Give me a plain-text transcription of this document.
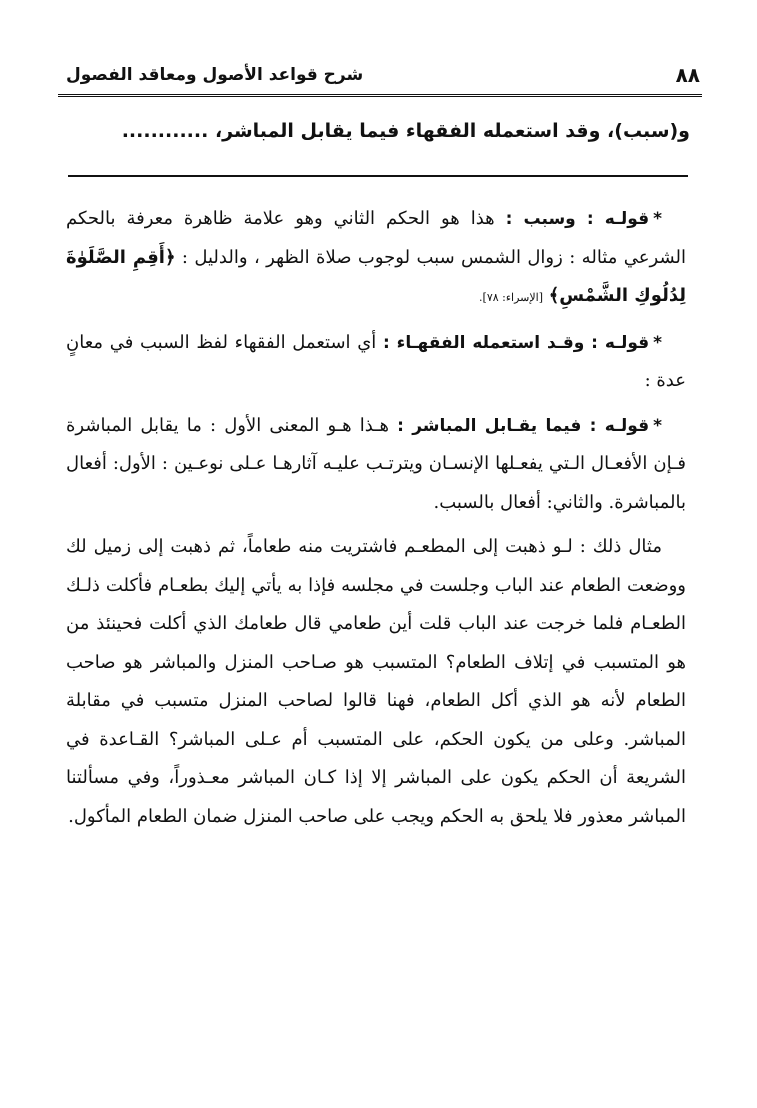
٨٨
شرح قواعد الأصول ومعاقد الفصول
و(سبب)، وقد استعمله الفقهاء فيما يقابل المباشر، ............

*قولـه : وسبب : هذا هو الحكم الثاني وهو علامة ظاهرة معرفة بالحكم الشرعي مثاله : زوال الشمس سبب لوجوب صلاة الظهر ، والدليل : ﴿أَقِمِ الصَّلَوٰةَ لِدُلُوكِ الشَّمْسِ﴾ [الإسراء: ٧٨].

*قولـه : وقـد استعمله الفقهـاء : أي استعمل الفقهاء لفظ السبب في معانٍ عدة :

*قولـه : فيما يقـابل المباشر : هـذا هـو المعنى الأول : ما يقابل المباشرة فـإن الأفعـال الـتي يفعـلها الإنسـان ويترتـب عليـه آثارهـا عـلى نوعـين : الأول: أفعال بالمباشرة. والثاني: أفعال بالسبب.

مثال ذلك : لـو ذهبت إلى المطعـم فاشتريت منه طعاماً، ثم ذهبت إلى زميل لك ووضعت الطعام عند الباب وجلست في مجلسه فإذا به يأتي إليك بطعـام فأكلت ذلـك الطعـام فلما خرجت عند الباب قلت أين طعامي قال طعامك الذي أكلت فحينئذ من هو المتسبب في إتلاف الطعام؟ المتسبب هو صـاحب المنزل والمباشر هو صاحب الطعام لأنه هو الذي أكل الطعام، فهنا قالوا لصاحب المنزل متسبب في مقابلة المباشر. وعلى من يكون الحكم، على المتسبب أم عـلى المباشر؟ القـاعدة في الشريعة أن الحكم يكون على المباشر إلا إذا كـان المباشر معـذوراً، وفي مسألتنا المباشر معذور فلا يلحق به الحكم ويجب على صاحب المنزل ضمان الطعام المأكول.
